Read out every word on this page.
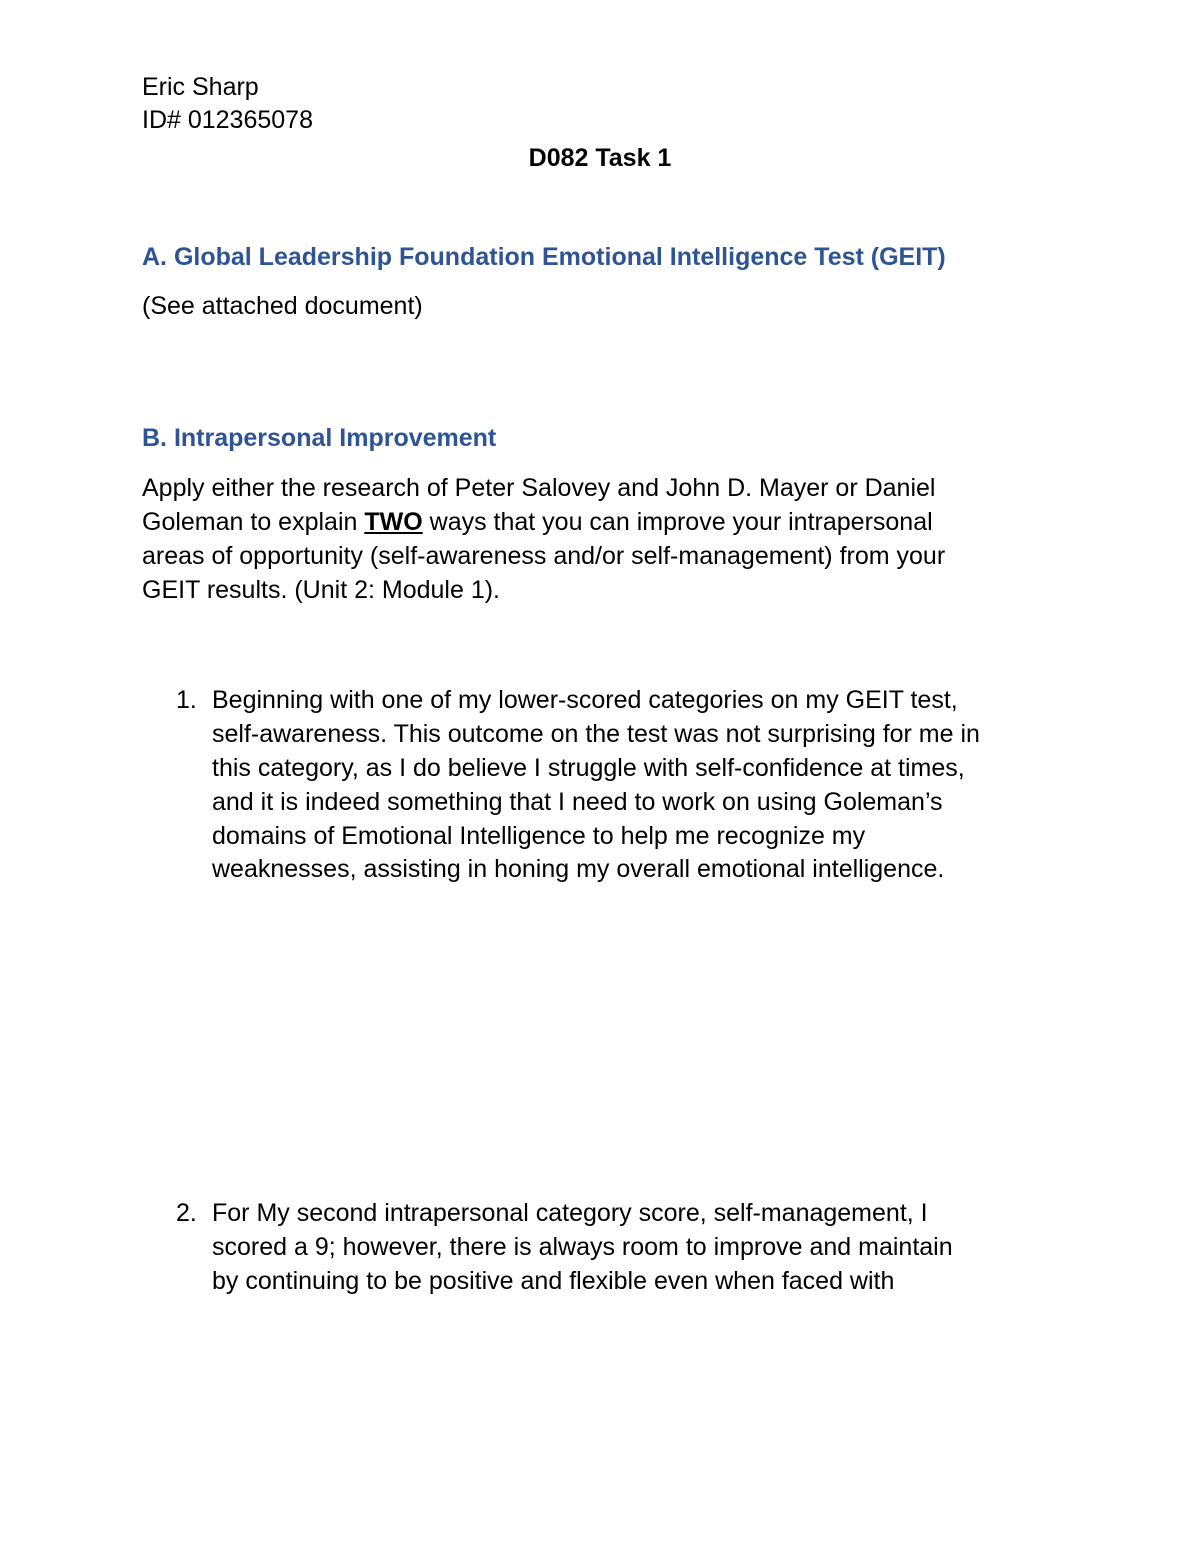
Eric Sharp
ID# 012365078
D082 Task 1
A. Global Leadership Foundation Emotional Intelligence Test (GEIT)
(See attached document)
B. Intrapersonal Improvement
Apply either the research of Peter Salovey and John D. Mayer or Daniel
Goleman to explain TWO ways that you can improve your intrapersonal
areas of opportunity (self-awareness and/or self-management) from your
GEIT results. (Unit 2: Module 1).
1. Beginning with one of my lower-scored categories on my GEIT test,
self-awareness. This outcome on the test was not surprising for me in
this category, as I do believe I struggle with self-confidence at times,
and it is indeed something that I need to work on using Goleman’s
domains of Emotional Intelligence to help me recognize my
weaknesses, assisting in honing my overall emotional intelligence.
2. For My second intrapersonal category score, self-management, I
scored a 9; however, there is always room to improve and maintain
by continuing to be positive and flexible even when faced with
